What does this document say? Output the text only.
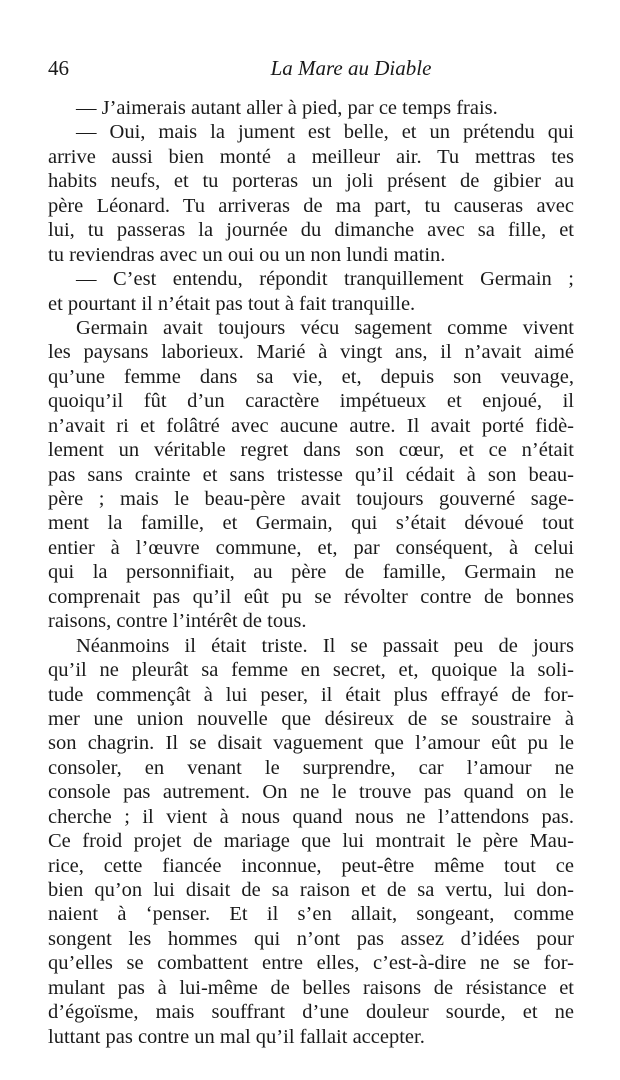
46	La Mare au Diable
— J’aimerais autant aller à pied, par ce temps frais.
— Oui, mais la jument est belle, et un prétendu qui
arrive aussi bien monté a meilleur air. Tu mettras tes
habits neufs, et tu porteras un joli présent de gibier au
père Léonard. Tu arriveras de ma part, tu causeras avec
lui, tu passeras la journée du dimanche avec sa fille, et
tu reviendras avec un oui ou un non lundi matin.
— C’est entendu, répondit tranquillement Germain ;
et pourtant il n’était pas tout à fait tranquille.
Germain avait toujours vécu sagement comme vivent
les paysans laborieux. Marié à vingt ans, il n’avait aimé
qu’une femme dans sa vie, et, depuis son veuvage,
quoiqu’il fût d’un caractère impétueux et enjoué, il
n’avait ri et folâtré avec aucune autre. Il avait porté fidè-
lement un véritable regret dans son cœur, et ce n’était
pas sans crainte et sans tristesse qu’il cédait à son beau-
père ; mais le beau-père avait toujours gouverné sage-
ment la famille, et Germain, qui s’était dévoué tout
entier à l’œuvre commune, et, par conséquent, à celui
qui la personnifiait, au père de famille, Germain ne
comprenait pas qu’il eût pu se révolter contre de bonnes
raisons, contre l’intérêt de tous.
Néanmoins il était triste. Il se passait peu de jours
qu’il ne pleurât sa femme en secret, et, quoique la soli-
tude commençât à lui peser, il était plus effrayé de for-
mer une union nouvelle que désireux de se soustraire à
son chagrin. Il se disait vaguement que l’amour eût pu le
consoler, en venant le surprendre, car l’amour ne
console pas autrement. On ne le trouve pas quand on le
cherche ; il vient à nous quand nous ne l’attendons pas.
Ce froid projet de mariage que lui montrait le père Mau-
rice, cette fiancée inconnue, peut-être même tout ce
bien qu’on lui disait de sa raison et de sa vertu, lui don-
naient à ‘penser. Et il s’en allait, songeant, comme
songent les hommes qui n’ont pas assez d’idées pour
qu’elles se combattent entre elles, c’est-à-dire ne se for-
mulant pas à lui-même de belles raisons de résistance et
d’égoïsme, mais souffrant d’une douleur sourde, et ne
luttant pas contre un mal qu’il fallait accepter.
